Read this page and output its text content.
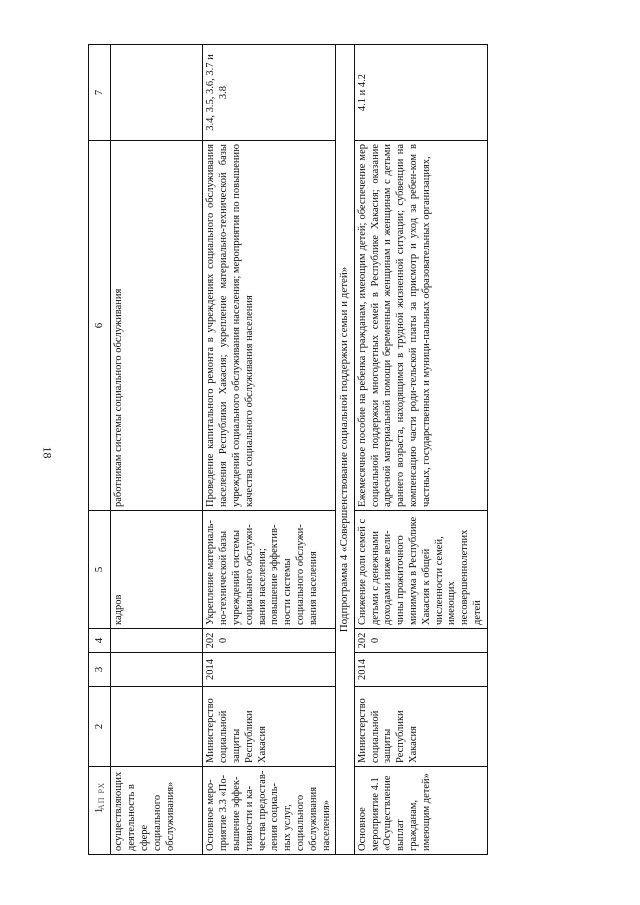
18
АП РХ
1	2	3	4	5	6	7
осуществляющих деятельность в сфере социального обслуживания»				кадров	работникам системы социального обслуживания	
Основное меро-приятие 3.3 «По-вышение эффек-тивности и ка-чества предостав-ления социаль-ных услуг, социального обслуживания населения»	Министерство социальной защиты Республики Хакасия	2014	2020	Укрепление материаль-но-технической базы учреждений системы социального обслужи-вания населения; повышение эффектив-ности системы социального обслужи-вания населения	Проведение капитального ремонта в учреждениях социального обслуживания населения Республики Хакасия; укрепление материально-технической базы учреждений социального обслуживания населения; мероприятия по повышению качества социального обслуживания населения	3.4, 3.5, 3.6, 3.7 и 3.8
Подпрограмма 4 «Совершенствование социальной поддержки семьи и детей»						
Основное мероприятие 4.1 «Осуществление выплат гражданам, имеющим детей»	Министерство социальной защиты Республики Хакасия	2014	2020	Снижение доли семей с детьми с денежными доходами ниже вели-чины прожиточного минимума в Республике Хакасия к общей численности семей, имеющих несовершеннолетних детей	Ежемесячное пособие на ребенка гражданам, имеющим детей; обеспечение мер социальной поддержки многодетных семей в Республике Хакасия; оказание адресной материальной помощи беременным женщинам и женщинам с детьми раннего возраста, находящимся в трудной жизненной ситуации; субвенции на компенсацию части роди-тельской платы за присмотр и уход за ребен-ком в частных, государственных и муници-пальных образовательных организациях,	4.1 и 4.2
